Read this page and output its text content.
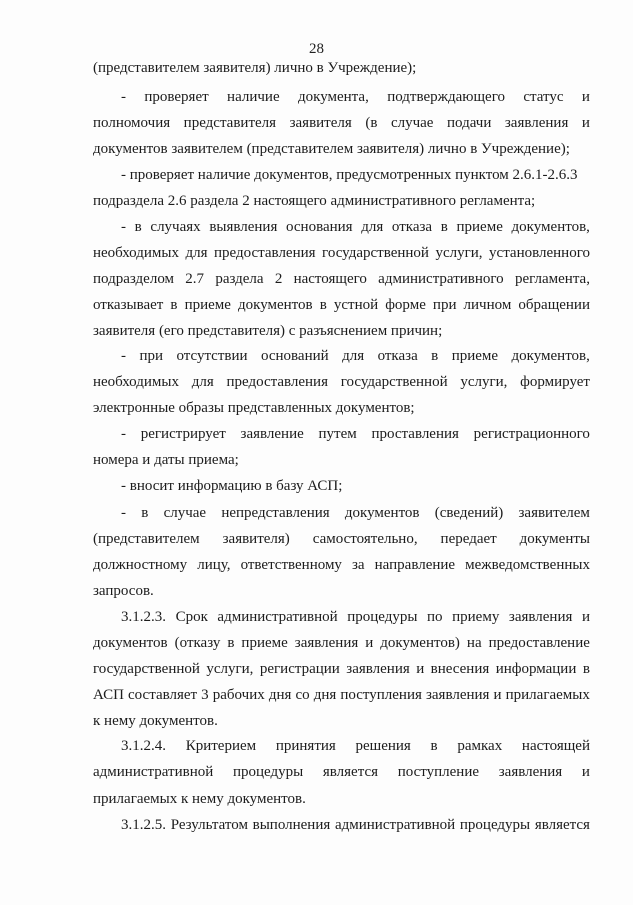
28
(представителем заявителя) лично в Учреждение);
- проверяет наличие документа, подтверждающего статус и
полномочия представителя заявителя (в случае подачи заявления и
документов заявителем (представителем заявителя) лично в Учреждение);
- проверяет наличие документов, предусмотренных пунктом 2.6.1-2.6.3
подраздела 2.6 раздела 2 настоящего административного регламента;
- в случаях выявления основания для отказа в приеме документов,
необходимых для предоставления государственной услуги, установленного
подразделом 2.7 раздела 2 настоящего административного регламента,
отказывает в приеме документов в устной форме при личном обращении
заявителя (его представителя) с разъяснением причин;
- при отсутствии оснований для отказа в приеме документов,
необходимых для предоставления государственной услуги, формирует
электронные образы представленных документов;
- регистрирует заявление путем проставления регистрационного
номера и даты приема;
- вносит информацию в базу АСП;
- в случае непредставления документов (сведений) заявителем
(представителем заявителя) самостоятельно, передает документы
должностному лицу, ответственному за направление межведомственных
запросов.
3.1.2.3. Срок административной процедуры по приему заявления и
документов (отказу в приеме заявления и документов) на предоставление
государственной услуги, регистрации заявления и внесения информации в
АСП составляет 3 рабочих дня со дня поступления заявления и прилагаемых
к нему документов.
3.1.2.4. Критерием принятия решения в рамках настоящей
административной процедуры является поступление заявления и
прилагаемых к нему документов.
3.1.2.5. Результатом выполнения административной процедуры является
